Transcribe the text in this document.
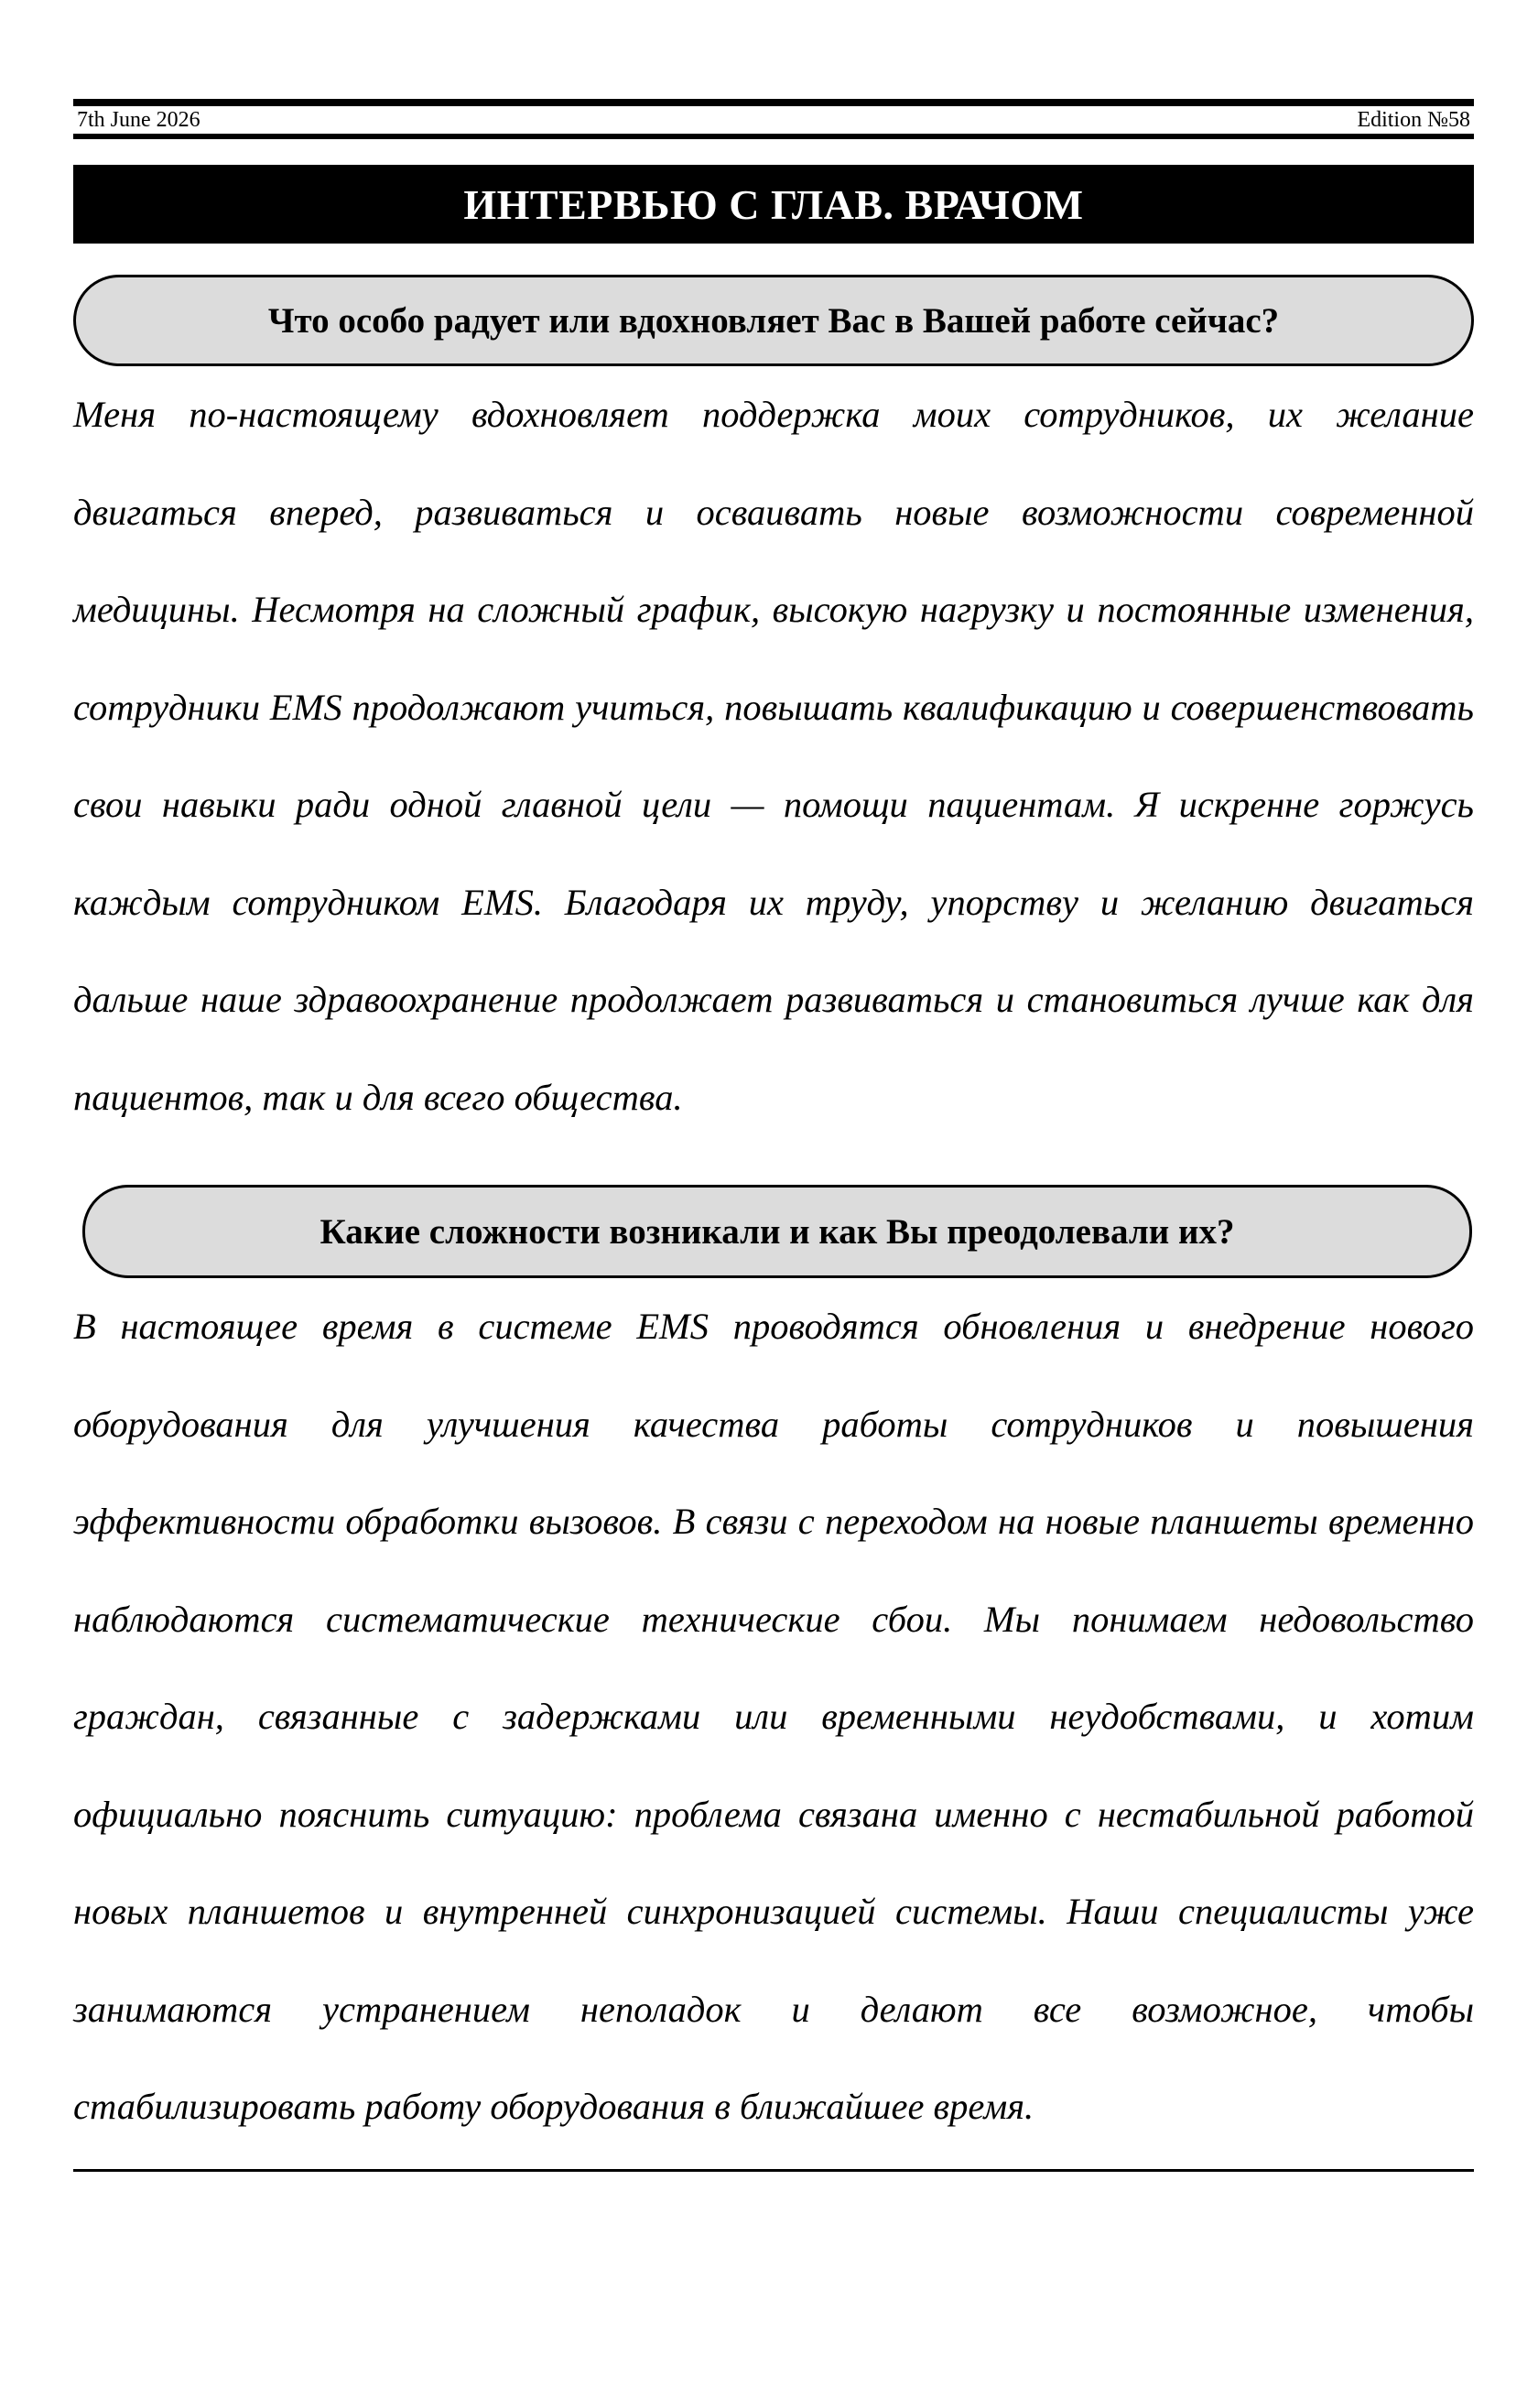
7th June 2026	Edition №58
ИНТЕРВЬЮ С ГЛАВ. ВРАЧОМ
Что особо радует или вдохновляет Вас в Вашей работе сейчас?

Меня по-настоящему вдохновляет поддержка моих сотрудников, их желание двигаться вперед, развиваться и осваивать новые возможности современной медицины. Несмотря на сложный график, высокую нагрузку и постоянные изменения, сотрудники EMS продолжают учиться, повышать квалификацию и совершенствовать свои навыки ради одной главной цели — помощи пациентам. Я искренне горжусь каждым сотрудником EMS. Благодаря их труду, упорству и желанию двигаться дальше наше здравоохранение продолжает развиваться и становиться лучше как для пациентов, так и для всего общества.

Какие сложности возникали и как Вы преодолевали их?

В настоящее время в системе EMS проводятся обновления и внедрение нового оборудования для улучшения качества работы сотрудников и повышения эффективности обработки вызовов. В связи с переходом на новые планшеты временно наблюдаются систематические технические сбои. Мы понимаем недовольство граждан, связанные с задержками или временными неудобствами, и хотим официально пояснить ситуацию: проблема связана именно с нестабильной работой новых планшетов и внутренней синхронизацией системы. Наши специалисты уже занимаются устранением неполадок и делают все возможное, чтобы стабилизировать работу оборудования в ближайшее время.
